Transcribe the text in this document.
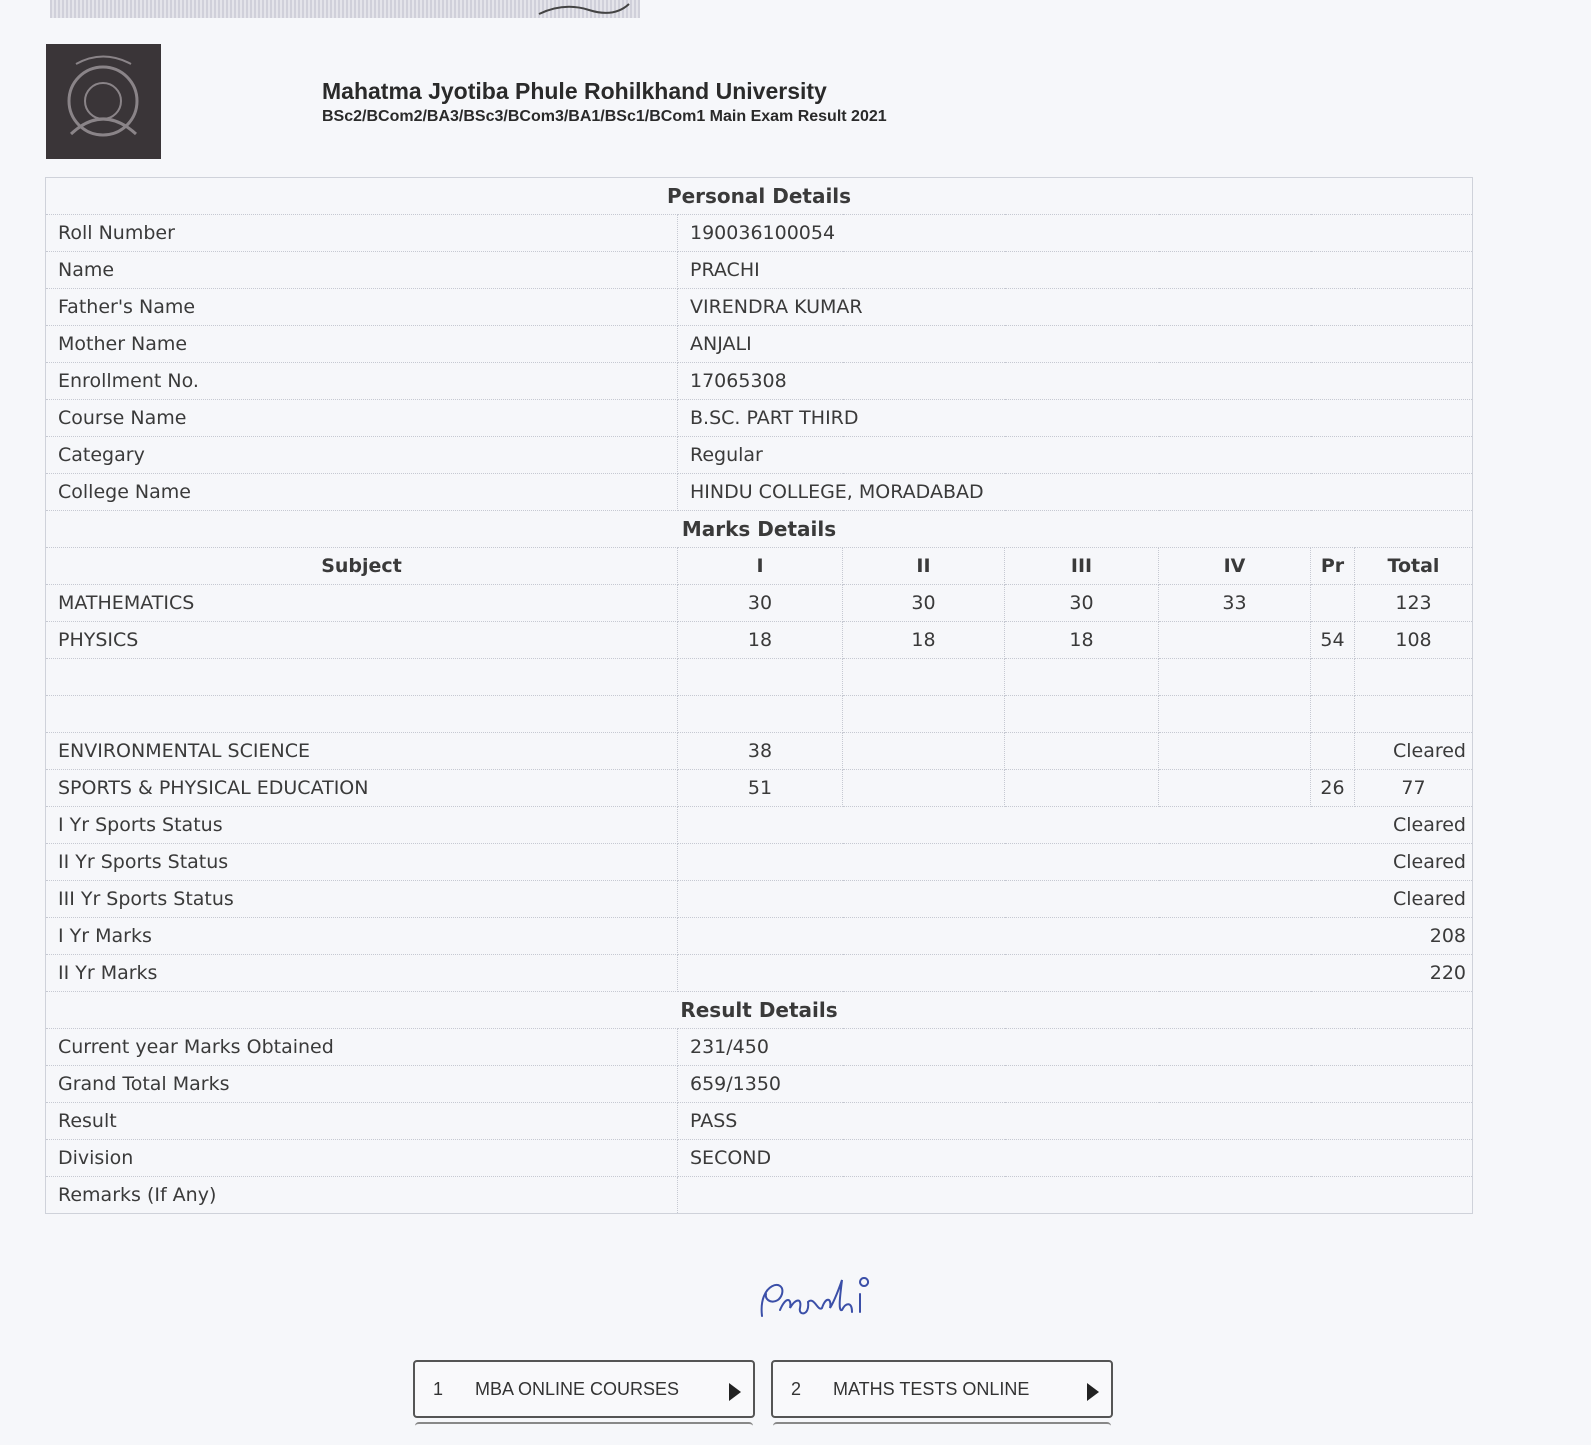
Mahatma Jyotiba Phule Rohilkhand University
BSc2/BCom2/BA3/BSc3/BCom3/BA1/BSc1/BCom1 Main Exam Result 2021
Personal Details						
Roll Number	190036100054					
Name	PRACHI					
Father's Name	VIRENDRA KUMAR					
Mother Name	ANJALI					
Enrollment No.	17065308					
Course Name	B.SC. PART THIRD					
Categary	Regular					
College Name	HINDU COLLEGE, MORADABAD					
Marks Details						
Subject	I	II	III	IV	Pr	Total
MATHEMATICS	30	30	30	33		123
PHYSICS	18	18	18		54	108

ENVIRONMENTAL SCIENCE	38					Cleared
SPORTS & PHYSICAL EDUCATION	51				26	77
I Yr Sports Status	Cleared					
II Yr Sports Status	Cleared					
III Yr Sports Status	Cleared					
I Yr Marks	208					
II Yr Marks	220					
Result Details						
Current year Marks Obtained	231/450					
Grand Total Marks	659/1350					
Result	PASS					
Division	SECOND					
Remarks (If Any)						
1	MBA ONLINE COURSES	2	MATHS TESTS ONLINE
